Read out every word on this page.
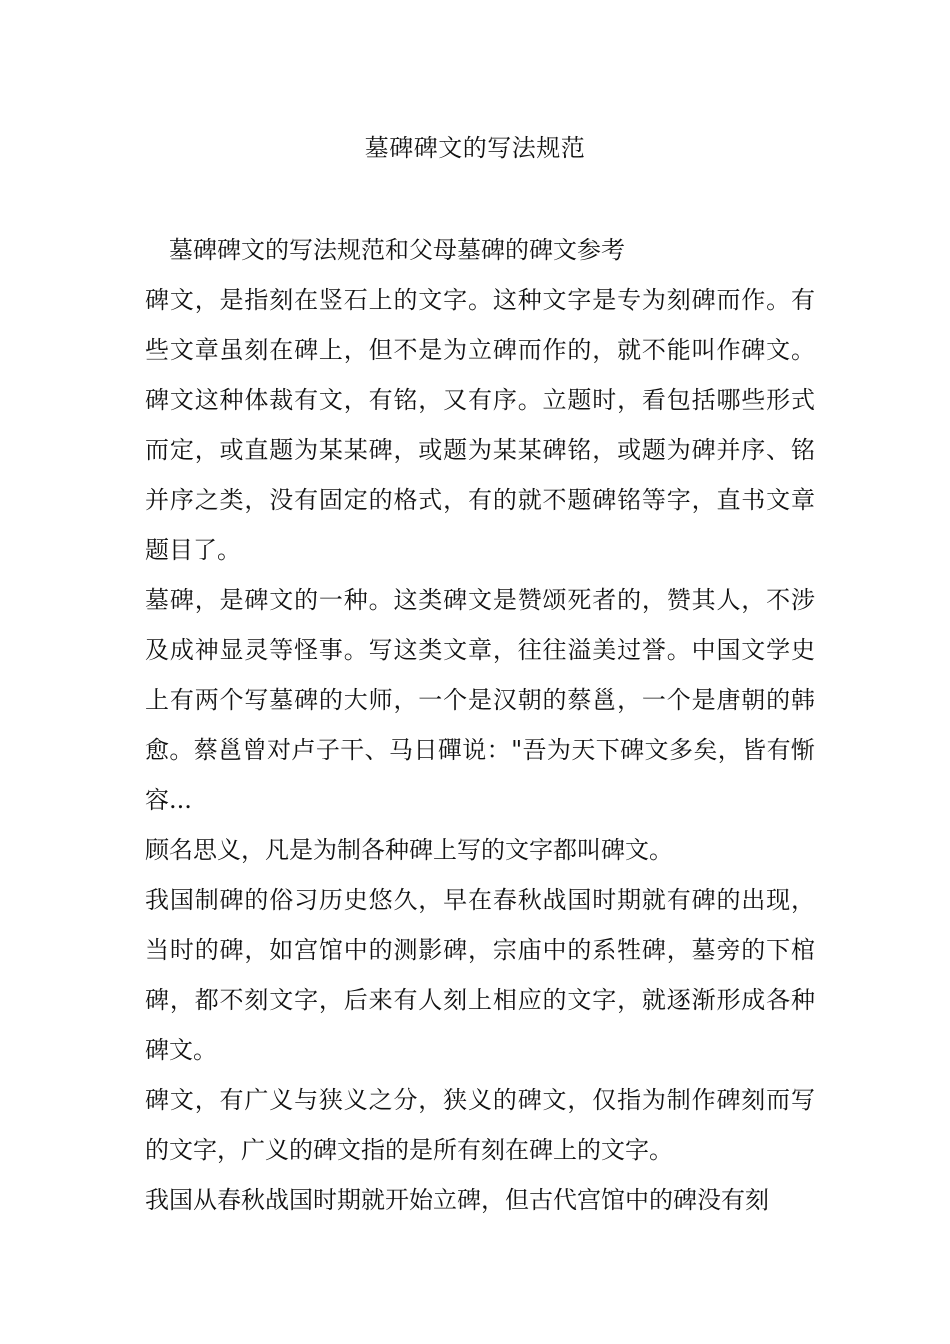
墓碑碑文的写法规范

墓碑碑文的写法规范和父母墓碑的碑文参考

碑文，是指刻在竖石上的文字。这种文字是专为刻碑而作。有些文章虽刻在碑上，但不是为立碑而作的，就不能叫作碑文。碑文这种体裁有文，有铭，又有序。立题时，看包括哪些形式而定，或直题为某某碑，或题为某某碑铭，或题为碑并序、铭并序之类，没有固定的格式，有的就不题碑铭等字，直书文章题目了。

墓碑，是碑文的一种。这类碑文是赞颂死者的，赞其人，不涉及成神显灵等怪事。写这类文章，往往溢美过誉。中国文学史上有两个写墓碑的大师，一个是汉朝的蔡邕，一个是唐朝的韩愈。蔡邕曾对卢子干、马日磾说："吾为天下碑文多矣，皆有惭容...

顾名思义，凡是为制各种碑上写的文字都叫碑文。

我国制碑的俗习历史悠久，早在春秋战国时期就有碑的出现，当时的碑，如宫馆中的测影碑，宗庙中的系牲碑，墓旁的下棺碑，都不刻文字，后来有人刻上相应的文字，就逐渐形成各种碑文。

碑文，有广义与狭义之分，狭义的碑文，仅指为制作碑刻而写的文字，广义的碑文指的是所有刻在碑上的文字。

我国从春秋战国时期就开始立碑，但古代宫馆中的碑没有刻
